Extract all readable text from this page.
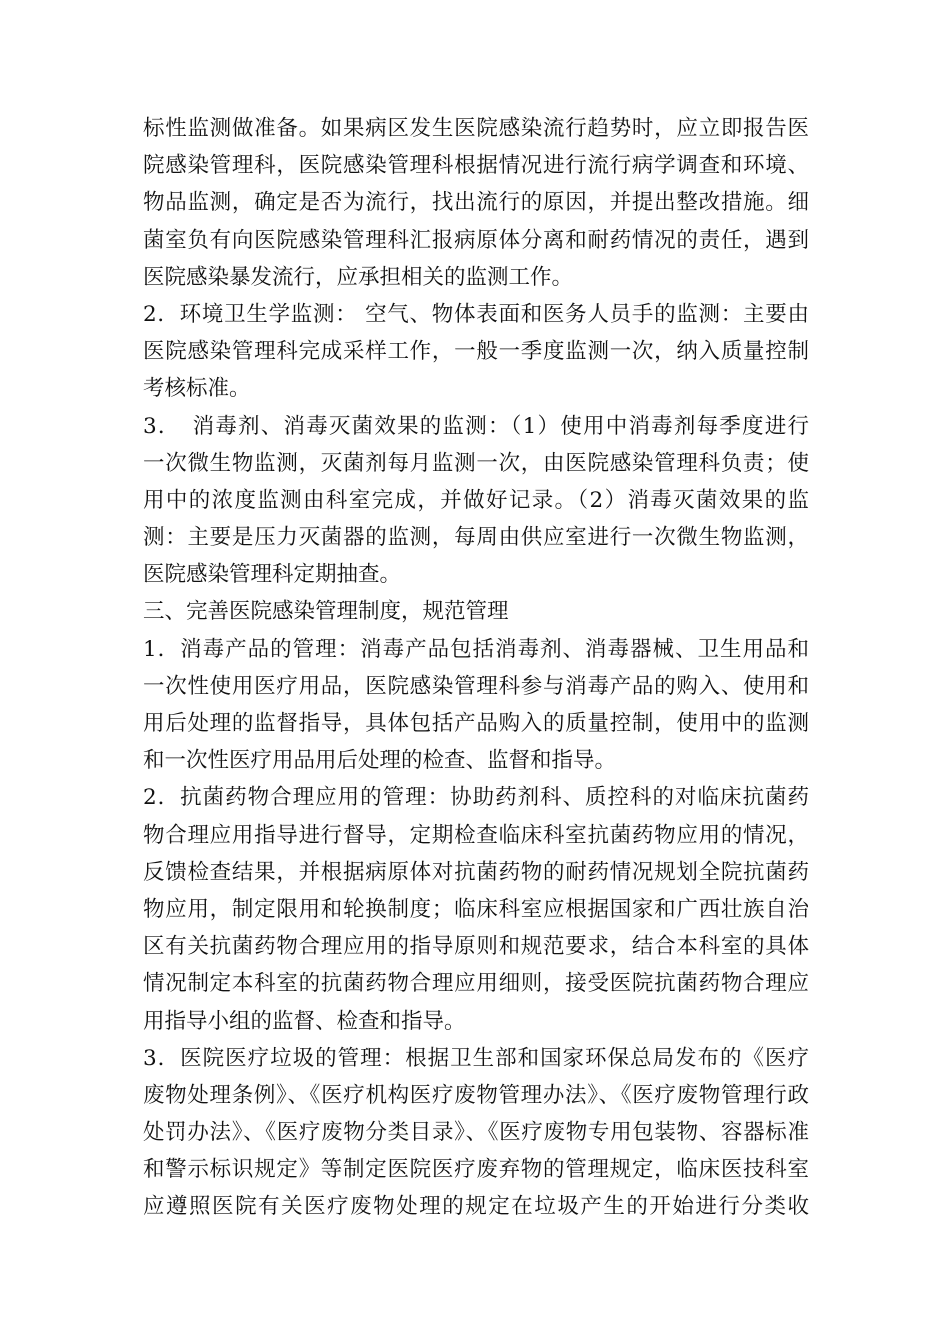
标性监测做准备。如果病区发生医院感染流行趋势时，应立即报告医
院感染管理科，医院感染管理科根据情况进行流行病学调查和环境、
物品监测，确定是否为流行，找出流行的原因，并提出整改措施。细
菌室负有向医院感染管理科汇报病原体分离和耐药情况的责任，遇到
医院感染暴发流行，应承担相关的监测工作。
2．环境卫生学监测： 空气、物体表面和医务人员手的监测：主要由
医院感染管理科完成采样工作，一般一季度监测一次，纳入质量控制
考核标准。
3．　消毒剂、消毒灭菌效果的监测：（1）使用中消毒剂每季度进行
一次微生物监测，灭菌剂每月监测一次，由医院感染管理科负责；使
用中的浓度监测由科室完成，并做好记录。（2）消毒灭菌效果的监
测：主要是压力灭菌器的监测，每周由供应室进行一次微生物监测，
医院感染管理科定期抽查。
三、完善医院感染管理制度，规范管理
1．消毒产品的管理：消毒产品包括消毒剂、消毒器械、卫生用品和
一次性使用医疗用品，医院感染管理科参与消毒产品的购入、使用和
用后处理的监督指导，具体包括产品购入的质量控制，使用中的监测
和一次性医疗用品用后处理的检查、监督和指导。
2．抗菌药物合理应用的管理：协助药剂科、质控科的对临床抗菌药
物合理应用指导进行督导，定期检查临床科室抗菌药物应用的情况，
反馈检查结果，并根据病原体对抗菌药物的耐药情况规划全院抗菌药
物应用，制定限用和轮换制度；临床科室应根据国家和广西壮族自治
区有关抗菌药物合理应用的指导原则和规范要求，结合本科室的具体
情况制定本科室的抗菌药物合理应用细则，接受医院抗菌药物合理应
用指导小组的监督、检查和指导。
3．医院医疗垃圾的管理：根据卫生部和国家环保总局发布的《医疗
废物处理条例》、《医疗机构医疗废物管理办法》、《医疗废物管理行政
处罚办法》、《医疗废物分类目录》、《医疗废物专用包装物、容器标准
和警示标识规定》等制定医院医疗废弃物的管理规定，临床医技科室
应遵照医院有关医疗废物处理的规定在垃圾产生的开始进行分类收
